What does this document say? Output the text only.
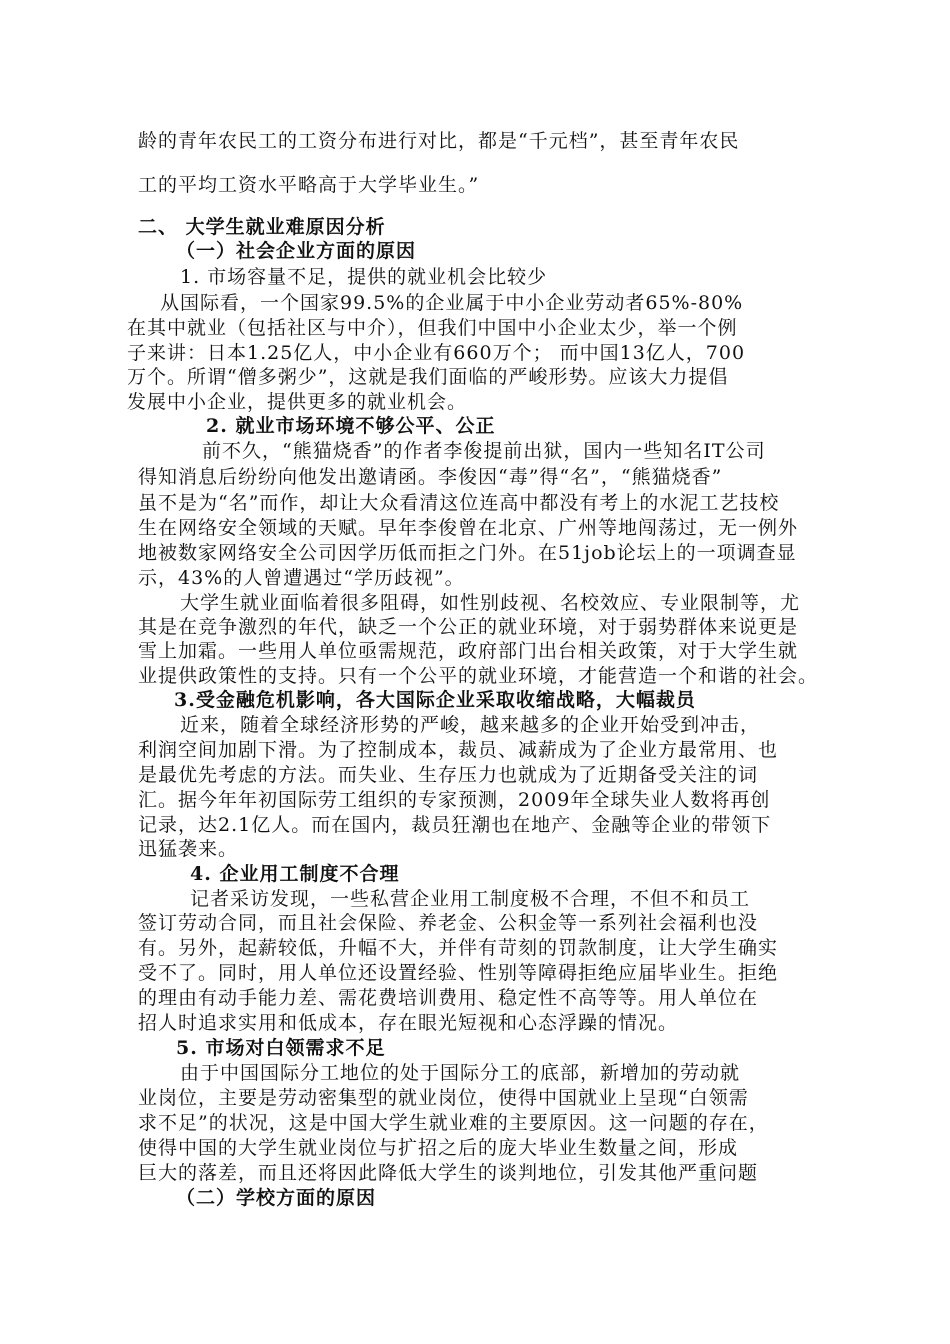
龄的青年农民工的工资分布进行对比，都是“千元档”，甚至青年农民
工的平均工资水平略高于大学毕业生。”
二、 大学生就业难原因分析
（一）社会企业方面的原因
1. 市场容量不足，提供的就业机会比较少
从国际看，一个国家99.5%的企业属于中小企业劳动者65%-80%
在其中就业（包括社区与中介），但我们中国中小企业太少，举一个例
子来讲：日本1.25亿人，中小企业有660万个； 而中国13亿人，700
万个。所谓“僧多粥少”，这就是我们面临的严峻形势。应该大力提倡
发展中小企业，提供更多的就业机会。
2. 就业市场环境不够公平、公正
前不久，“熊猫烧香”的作者李俊提前出狱，国内一些知名IT公司
得知消息后纷纷向他发出邀请函。李俊因“毒”得“名”，“熊猫烧香”
虽不是为“名”而作，却让大众看清这位连高中都没有考上的水泥工艺技校
生在网络安全领域的天赋。早年李俊曾在北京、广州等地闯荡过，无一例外
地被数家网络安全公司因学历低而拒之门外。在51job论坛上的一项调查显
示，43%的人曾遭遇过“学历歧视”。
大学生就业面临着很多阻碍，如性别歧视、名校效应、专业限制等，尤
其是在竞争激烈的年代，缺乏一个公正的就业环境，对于弱势群体来说更是
雪上加霜。一些用人单位亟需规范，政府部门出台相关政策，对于大学生就
业提供政策性的支持。只有一个公平的就业环境，才能营造一个和谐的社会。
3.受金融危机影响，各大国际企业采取收缩战略，大幅裁员
近来，随着全球经济形势的严峻，越来越多的企业开始受到冲击，
利润空间加剧下滑。为了控制成本，裁员、减薪成为了企业方最常用、也
是最优先考虑的方法。而失业、生存压力也就成为了近期备受关注的词
汇。据今年年初国际劳工组织的专家预测，2009年全球失业人数将再创
记录，达2.1亿人。而在国内，裁员狂潮也在地产、金融等企业的带领下
迅猛袭来。
4. 企业用工制度不合理
记者采访发现，一些私营企业用工制度极不合理，不但不和员工
签订劳动合同，而且社会保险、养老金、公积金等一系列社会福利也没
有。另外，起薪较低，升幅不大，并伴有苛刻的罚款制度，让大学生确实
受不了。同时，用人单位还设置经验、性别等障碍拒绝应届毕业生。拒绝
的理由有动手能力差、需花费培训费用、稳定性不高等等。用人单位在
招人时追求实用和低成本，存在眼光短视和心态浮躁的情况。
5. 市场对白领需求不足
由于中国国际分工地位的处于国际分工的底部，新增加的劳动就
业岗位，主要是劳动密集型的就业岗位，使得中国就业上呈现“白领需
求不足”的状况，这是中国大学生就业难的主要原因。这一问题的存在，
使得中国的大学生就业岗位与扩招之后的庞大毕业生数量之间，形成
巨大的落差，而且还将因此降低大学生的谈判地位，引发其他严重问题
（二）学校方面的原因
